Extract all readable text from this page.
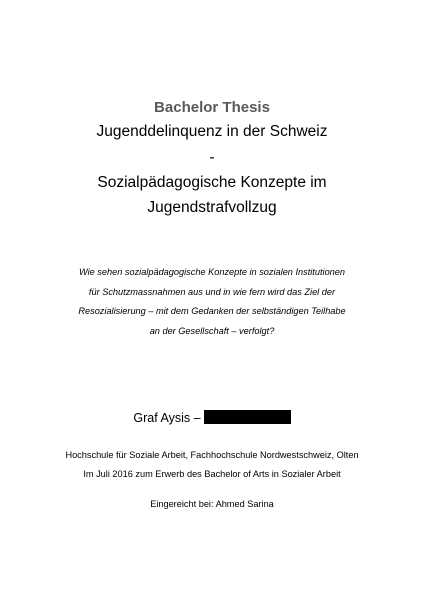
Bachelor Thesis
Jugenddelinquenz in der Schweiz
-
Sozialpädagogische Konzepte im
Jugendstrafvollzug
Wie sehen sozialpädagogische Konzepte in sozialen Institutionen
für Schutzmassnahmen aus und in wie fern wird das Ziel der
Resozialisierung – mit dem Gedanken der selbständigen Teilhabe
an der Gesellschaft – verfolgt?
Graf Aysis –
Hochschule für Soziale Arbeit, Fachhochschule Nordwestschweiz, Olten
Im Juli 2016 zum Erwerb des Bachelor of Arts in Sozialer Arbeit
Eingereicht bei: Ahmed Sarina
